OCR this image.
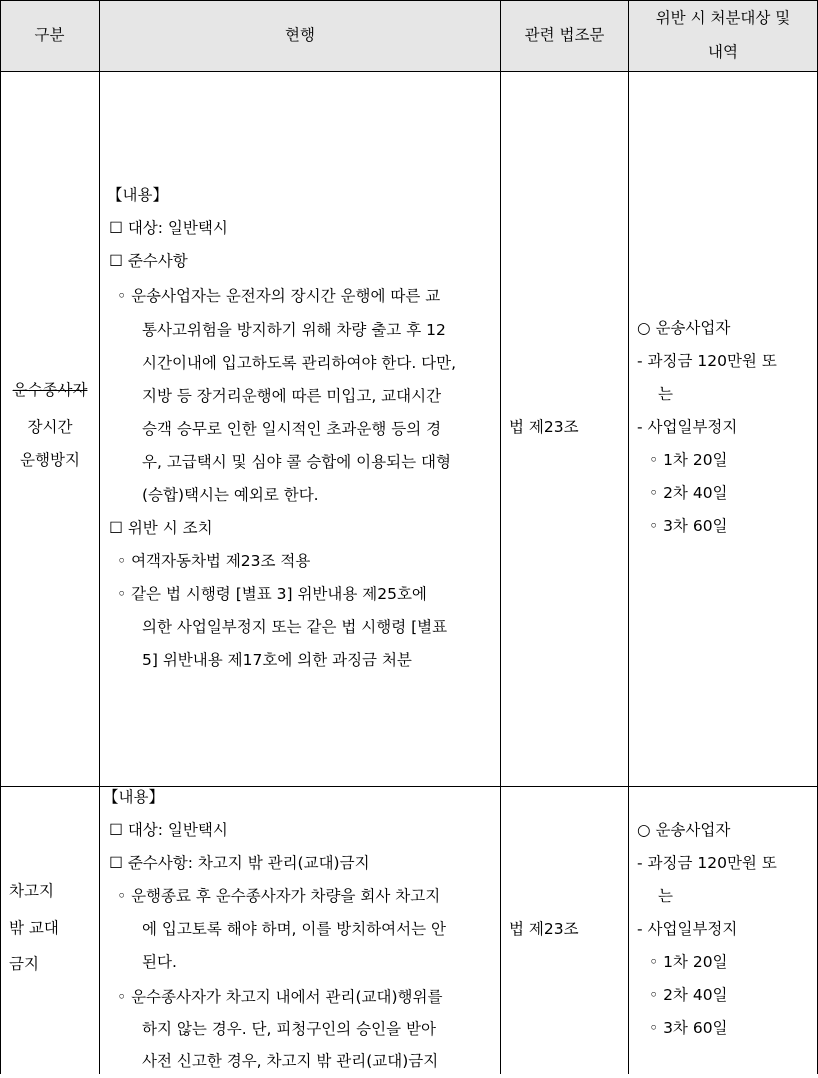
구분	현행	관련 법조문
위반 시 처분대상 및
내역
운수종사자
장시간
운행방지
【내용】
☐ 대상: 일반택시
☐ 준수사항
◦ 운송사업자는 운전자의 장시간 운행에 따른 교
통사고위험을 방지하기 위해 차량 출고 후 12
시간이내에 입고하도록 관리하여야 한다. 다만,
지방 등 장거리운행에 따른 미입고, 교대시간
승객 승무로 인한 일시적인 초과운행 등의 경
우, 고급택시 및 심야 콜 승합에 이용되는 대형
(승합)택시는 예외로 한다.
☐ 위반 시 조치
◦ 여객자동차법 제23조 적용
◦ 같은 법 시행령 [별표 3] 위반내용 제25호에
의한 사업일부정지 또는 같은 법 시행령 [별표
5] 위반내용 제17호에 의한 과징금 처분
법 제23조
○ 운송사업자
- 과징금 120만원 또
는
- 사업일부정지
◦ 1차 20일
◦ 2차 40일
◦ 3차 60일
차고지
밖 교대
금지
【내용】
☐ 대상: 일반택시
☐ 준수사항: 차고지 밖 관리(교대)금지
◦ 운행종료 후 운수종사자가 차량을 회사 차고지
에 입고토록 해야 하며, 이를 방치하여서는 안
된다.
◦ 운수종사자가 차고지 내에서 관리(교대)행위를
하지 않는 경우. 단, 피청구인의 승인을 받아
사전 신고한 경우, 차고지 밖 관리(교대)금지
법 제23조
○ 운송사업자
- 과징금 120만원 또
는
- 사업일부정지
◦ 1차 20일
◦ 2차 40일
◦ 3차 60일
